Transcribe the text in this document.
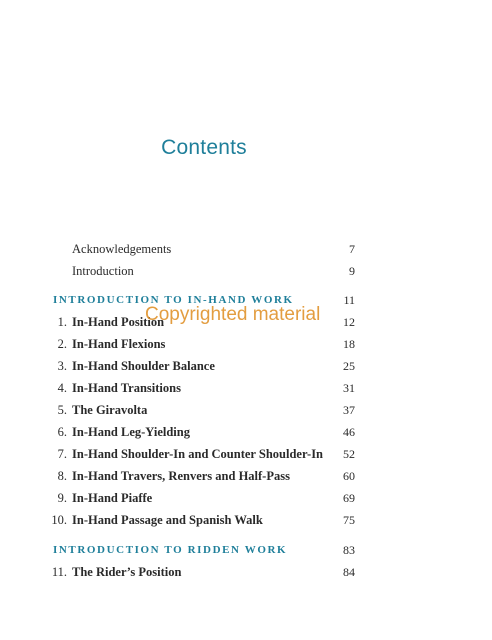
Contents
Acknowledgements	7
Introduction	9
INTRODUCTION TO IN-HAND WORK	11
1. In-Hand Position	12
2. In-Hand Flexions	18
3. In-Hand Shoulder Balance	25
4. In-Hand Transitions	31
5. The Giravolta	37
6. In-Hand Leg-Yielding	46
7. In-Hand Shoulder-In and Counter Shoulder-In 52
8. In-Hand Travers, Renvers and Half-Pass	60
9. In-Hand Piaffe	69
10. In-Hand Passage and Spanish Walk	75
INTRODUCTION TO RIDDEN WORK	83
11. The Rider’s Position	84
Copyrighted material
